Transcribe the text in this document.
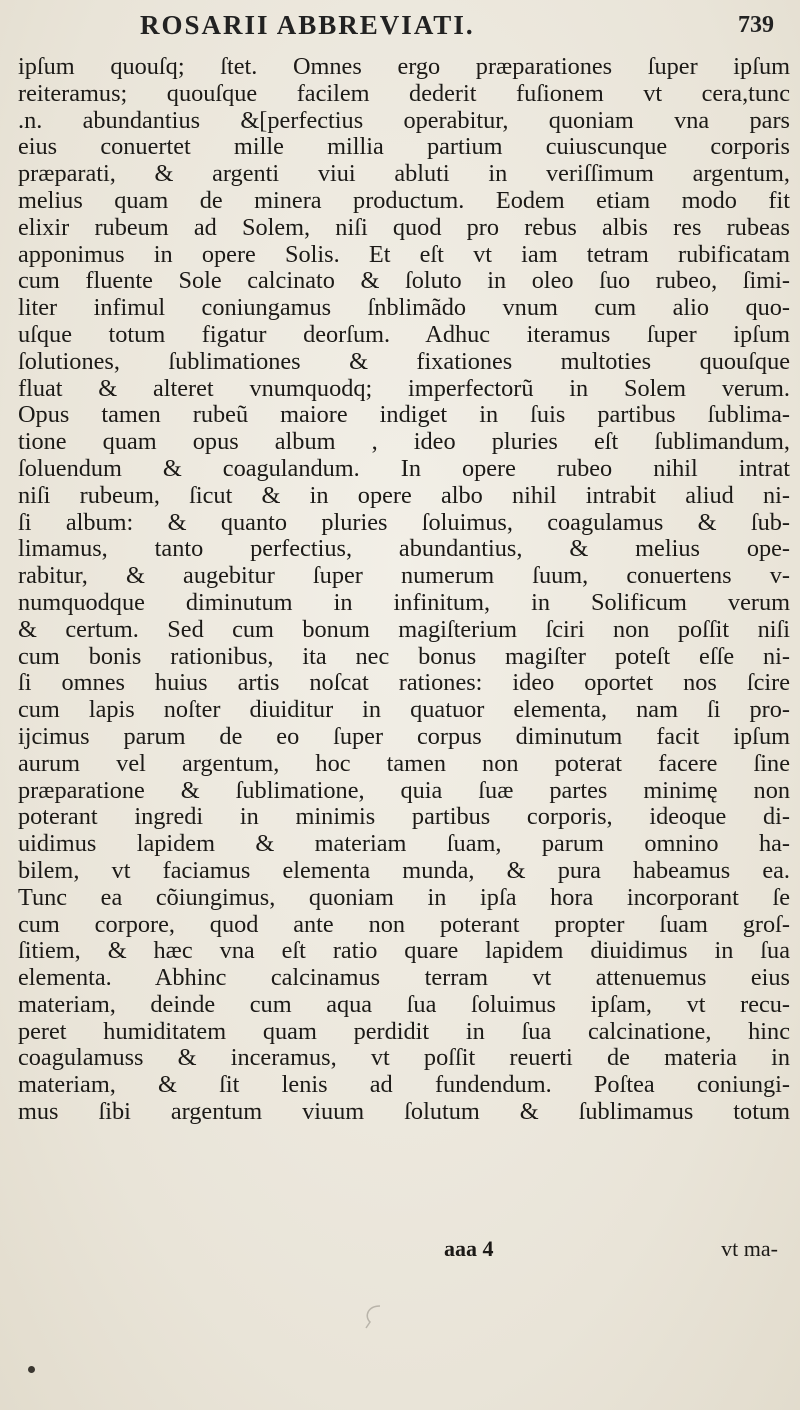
ROSARII ABBREVIATI.	739
ipſum quouſq; ſtet. Omnes ergo præparationes ſuper ipſum
reiteramus; quouſque facilem dederit fuſionem vt cera,tunc
.n. abundantius &[perfectius operabitur, quoniam vna pars
eius conuertet mille millia partium cuiuscunque corporis
præparati, & argenti viui abluti in veriſſimum argentum,
melius quam de minera productum. Eodem etiam modo fit
elixir rubeum ad Solem, niſi quod pro rebus albis res rubeas
apponimus in opere Solis. Et eſt vt iam tetram rubificatam
cum fluente Sole calcinato & ſoluto in oleo ſuo rubeo, ſimi-
liter infimul coniungamus ſnblimãdo vnum cum alio quo-
uſque totum figatur deorſum. Adhuc iteramus ſuper ipſum
ſolutiones, ſublimationes & fixationes multoties quouſque
fluat & alteret vnumquodq; imperfectorũ in Solem verum.
Opus tamen rubeũ maiore indiget in ſuis partibus ſublima-
tione quam opus album , ideo pluries eſt ſublimandum,
ſoluendum & coagulandum. In opere rubeo nihil intrat
niſi rubeum, ſicut & in opere albo nihil intrabit aliud ni-
ſi album: & quanto pluries ſoluimus, coagulamus & ſub-
limamus, tanto perfectius, abundantius, & melius ope-
rabitur, & augebitur ſuper numerum ſuum, conuertens v-
numquodque diminutum in infinitum, in Solificum verum
& certum. Sed cum bonum magiſterium ſciri non poſſit niſi
cum bonis rationibus, ita nec bonus magiſter poteſt eſſe ni-
ſi omnes huius artis noſcat rationes: ideo oportet nos ſcire
cum lapis noſter diuiditur in quatuor elementa, nam ſi pro-
ijcimus parum de eo ſuper corpus diminutum facit ipſum
aurum vel argentum, hoc tamen non poterat facere ſine
præparatione & ſublimatione, quia ſuæ partes minimę non
poterant ingredi in minimis partibus corporis, ideoque di-
uidimus lapidem & materiam ſuam, parum omnino ha-
bilem, vt faciamus elementa munda, & pura habeamus ea.
Tunc ea cõiungimus, quoniam in ipſa hora incorporant ſe
cum corpore, quod ante non poterant propter ſuam groſ-
ſitiem, & hæc vna eſt ratio quare lapidem diuidimus in ſua
elementa. Abhinc calcinamus terram vt attenuemus eius
materiam, deinde cum aqua ſua ſoluimus ipſam, vt recu-
peret humiditatem quam perdidit in ſua calcinatione, hinc
coagulamuss & inceramus, vt poſſit reuerti de materia in
materiam, & ſit lenis ad fundendum. Poſtea coniungi-
mus ſibi argentum viuum ſolutum & ſublimamus totum
aaa 4	vt ma-
